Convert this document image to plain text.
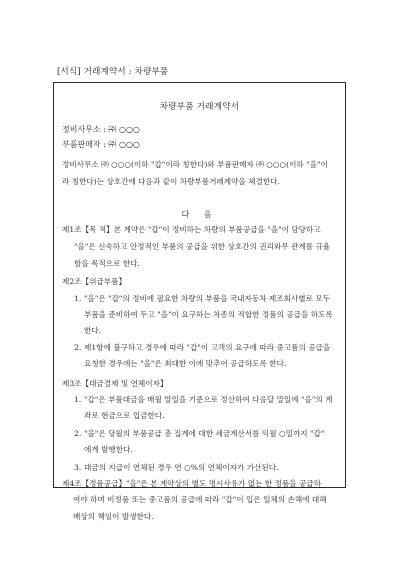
[서식] 거래계약서 : 차량부품
차량부품 거래계약서
정비사무소 : ㈜ ○○○
부품판매자 : ㈜ ○○○
정비사무소 ㈜ ○○○(이하 "갑"이라 칭한다)와 부품판매자 ㈜ ○○○(이하 "을"이
라 칭한다)는 상호간에 다음과 같이 차량부품거래계약을 체결한다.
다 음
제1조【목 적】본 계약은 "갑"이 정비하는 차량의 부품공급을 "을"이 담당하고
"을"은 신속하고 안정적인 부품의 공급을 위한 상호간의 권리와무 관계를 규율
함을 목적으로 한다.
제2조【위급부품】
1. "을"은 "갑"의 정비에 필요한 차량의 부품을 국내자동차 제조회사별로 모두
부품을 준비하여 두고 "을"이 요구하는 차종의 적합한 정품의 공급을 하도록
한다.
2. 제1항에 불구하고 경우에 따라 "갑"이 고객의 요구에 따라 중고품의 공급을
요청한 경우에는 "을"은 최대한 이에 맞추어 공급하도록 한다.
제3조【대금결제 및 연체이자】
1. "갑"은 부품대금을 매월 말일을 기준으로 정산하여 다음달 말일에 "을"의 계
좌로 현금으로 입금한다.
2. "을"은 당월의 부품공급 총 집계에 대한 세금계산서를 익월 ○일까지 "갑"
에게 발행한다.
3. 대금의 지급이 연체된 경우 연 ○%의 연체이자가 가산된다.
제4조【정품공급】"을"은 본 계약상의 별도 명시사유가 없는 한 정품을 공급하
여야 하며 비정품 또는 중고품의 공급에 따라 "갑"이 입은 일체의 손해에 대해
배상의 책임이 발생한다.
